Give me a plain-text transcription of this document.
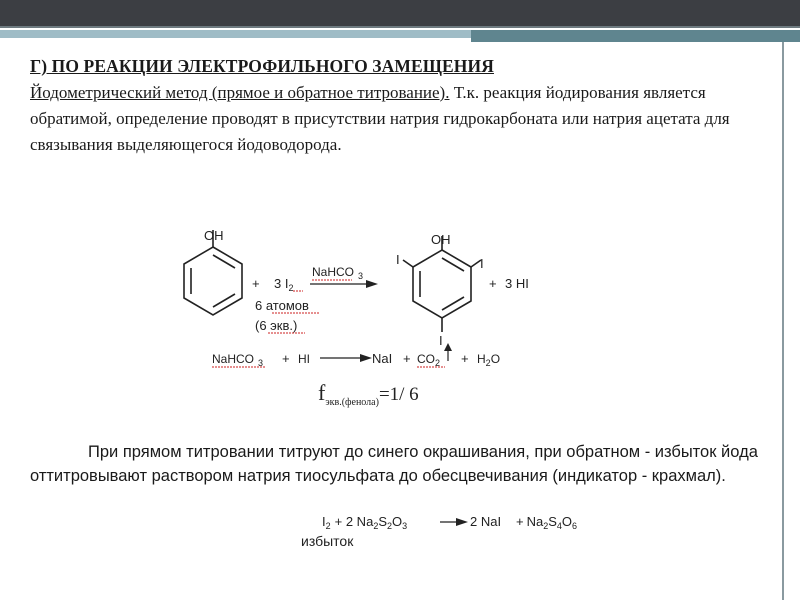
Г) ПО РЕАКЦИИ ЭЛЕКТРОФИЛЬНОГО ЗАМЕЩЕНИЯ
Йодометрический метод (прямое и обратное титрование). Т.к. реакция йодирования является обратимой, определение проводят в присутствии натрия гидрокарбоната или натрия ацетата для связывания выделяющегося йодоводорода.
OH
+ 3 $I_2$
NaHCO $_3$
6 атомов
(6 экв.)
OH
I	I
I
+ 3 HI
NaHCO $_3$ + HI	NaI + $CO_2 + H_2O$
$f_{экв.(фенола)}=1/$ 6
$I_2 + 2$ $Na_2S_2O_3$	2 NaI + $Na_2S_4O_6$
избыток
При прямом титровании титруют до синего окрашивания, при обратном - избыток йода оттитровывают раствором натрия тиосульфата до обесцвечивания (индикатор - крахмал).
